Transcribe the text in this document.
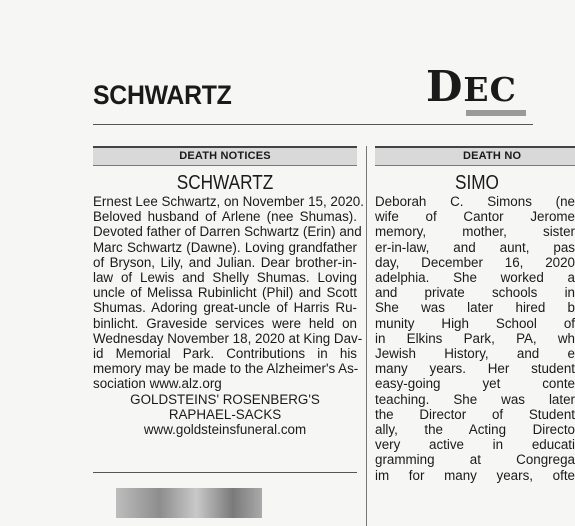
SCHWARTZ	DEC
DEATH NOTICES
SCHWARTZ
Ernest Lee Schwartz, on November 15, 2020.
Beloved husband of Arlene (nee Shumas).
Devoted father of Darren Schwartz (Erin) and
Marc Schwartz (Dawne). Loving grandfather
of Bryson, Lily, and Julian. Dear brother-in-
law of Lewis and Shelly Shumas. Loving
uncle of Melissa Rubinlicht (Phil) and Scott
Shumas. Adoring great-uncle of Harris Ru-
binlicht. Graveside services were held on
Wednesday November 18, 2020 at King Dav-
id Memorial Park. Contributions in his
memory may be made to the Alzheimer's As-
sociation www.alz.org
GOLDSTEINS' ROSENBERG'S
RAPHAEL-SACKS
www.goldsteinsfuneral.com
DEATH NO
SIMO
Deborah C. Simons (ne
wife of Cantor Jerome
memory, mother, sister
er-in-law, and aunt, pas
day, December 16, 2020
adelphia. She worked a
and private schools in
She was later hired b
munity High School of
in Elkins Park, PA, wh
Jewish History, and e
many years. Her student
easy-going yet conte
teaching. She was later
the Director of Student
ally, the Acting Directo
very active in educati
gramming at Congrega
im for many years, ofte
